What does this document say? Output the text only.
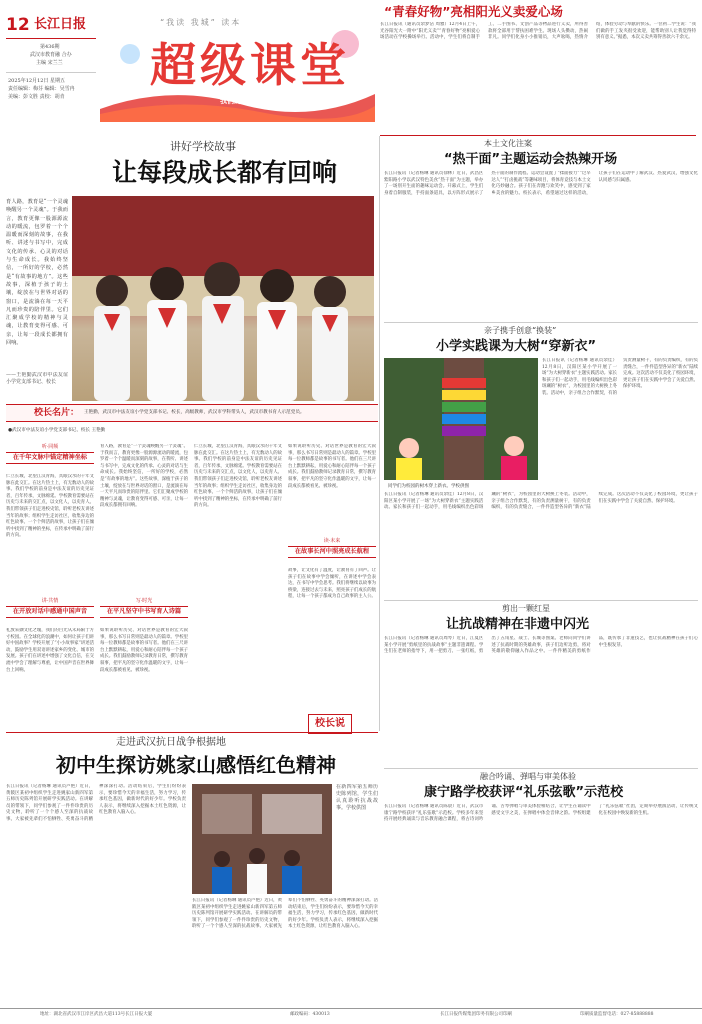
12 长江日报
第436期
武汉市教育融 合办
主编 宋兰兰
2025年12月12日 星期五
责任编辑：梅芬 编辑：吴雪冉
美编：彭文胜 责校：胡肯
“我读 我城” 读本
超级课堂
我们的城市 / 我们的课堂
“青春好物”亮相阳光义卖爱心场
长江日报讯（通讯员余梦洁 周雅）12月4日上午，光谷阳光大一附中“阳光义卖”“青春好物”亮相爱心场活动在学校操场举行。活动中，学生们将自制手工、二手图书、文创产品等物品进行义卖，所得善款将全部用于帮扶困难学生。现场人头攒动，热闹非凡。同学们化身小小推销员，大声吆喝，热情介绍，体验劳动与奉献的快乐。一位初二学生说：“我们做的手工发夹很受欢迎，能帮助别人让我觉得特别有意义。”据悉，本次义卖共筹得善款六千余元。
讲好学校故事
让每段成长都有回响
育人路，教育是“一个灵魂唤醒另一个灵魂”。于我而言，教育更像一股源源流动的暖流，包罗着一个个温暖而深刻的故事，在我听、讲述与书写中，完成文化的传承、心灵的对话与生命成长。我始终坚信，一所好的学校，必然是“有故事的地方”。这些故事，深植于孩子的土壤，绽放在与世界对话的窗口，是流淌在每一天平凡而珍贵的陪伴里。它们汇聚成学校的精神与灵魂，让教育变得可感、可亲，让每一段成长都拥有回响。
——王艳勤武汉市中法友谊小学党支部书记、校长
校长名片： 王艳勤，武汉市中法友谊小学党支部书记、校长，高级教师，武汉市学科带头人，武汉市教书育人示范党员。
●武汉市中法友谊小学党支部书记、校长 王艳勤
听·同频
在千年文脉中锚定精神坐标
仁立长城，北望江汉青海，具眼汉水的千年文脉在此交汇。在这片热土上，有无数动人的故事。我们学校的前身是中法友谊的历史见证者，百年传承，文脉绵延。学校教育需要站在历史与未来的交汇点，以文化人，以史育人。我们带领孩子们走进校史馆，聆听老校友讲述当年的故事；组织学生走访社区，收集身边的红色故事。一个个鲜活的故事，让孩子们在倾听中找到了精神的坐标，在传承中明确了前行的方向。
讲·共情
在开放对话中感通中国声音
礼放采撷文化之瑰，我们的目光从未局限于方寸校园。在全球化的浪潮中，如何让孩子们讲好中国故事？学校开展了“小小故事家”讲述活动，鼓励学生用双语讲述家乡的变化、城市的发展。孩子们在讲述中增强了文化自信，在交流中学会了理解与尊重，让中国声音在世界舞台上回响。
育人路，教育是“一个灵魂唤醒另一个灵魂”。于我而言，教育更像一股源源流动的暖流，包罗着一个个温暖而深刻的故事，在我听、讲述与书写中，完成文化的传承、心灵的对话与生命成长。我始终坚信，一所好的学校，必然是“有故事的地方”。这些故事，深植于孩子的土壤，绽放在与世界对话的窗口，是流淌在每一天平凡而珍贵的陪伴里。它们汇聚成学校的精神与灵魂，让教育变得可感、可亲，让每一段成长都拥有回响。
写·时光
在平凡坚守中书写育人诗篇
如果说聆听历史、对话世界是教育的宏大叙事，那么书写日常则是最动人的篇章。学校里每一位教师都是故事的书写者。他们在三尺讲台上默默耕耘，用爱心和耐心陪伴每一个孩子成长。我们鼓励教师记录教育日常，撰写教育叙事，把平凡的坚守化作温暖的文字，让每一段成长都被看见、被珍视。
仁立长城，北望江汉青海，具眼汉水的千年文脉在此交汇。在这片热土上，有无数动人的故事。我们学校的前身是中法友谊的历史见证者，百年传承，文脉绵延。学校教育需要站在历史与未来的交汇点，以文化人，以史育人。我们带领孩子们走进校史馆，聆听老校友讲述当年的故事；组织学生走访社区，收集身边的红色故事。一个个鲜活的故事，让孩子们在倾听中找到了精神的坐标，在传承中明确了前行的方向。
如果说聆听历史、对话世界是教育的宏大叙事，那么书写日常则是最动人的篇章。学校里每一位教师都是故事的书写者。他们在三尺讲台上默默耕耘，用爱心和耐心陪伴每一个孩子成长。我们鼓励教师记录教育日常，撰写教育叙事，把平凡的坚守化作温暖的文字，让每一段成长都被看见、被珍视。
读·未来
在故事长河中照亮成长航程
故事，让文化有了温度，让教育有了回声。让孩子们在故事中学会倾听，在讲述中学会表达，在书写中学会思考。我们将继续以故事为桥梁，连接过去与未来，照亮孩子们成长的航程，让每一个孩子都成为自己故事的主人公。
校长说
本土文化注案
“热干面”主题运动会热辣开场
长江日报讯（记者杨琳 通讯员徐林）近日，武昌区紫阳路小学以武汉特色美食“热干面”为主题，举办了一场别开生面的趣味运动会。开幕式上，学生们身着自制服装，手持面条道具，以方阵形式展示了热干面的制作流程。运动会设置了“揉面接力”“过早达人”“打卤挑战”等趣味项目，将体育竞技与本土文化巧妙融合。孩子们在奔跑与欢笑中，感受到了家乡美食的魅力。校长表示，希望通过这样的活动，让孩子们在运动中了解武汉、热爱武汉，增强文化认同感与归属感。
亲子携手创意“换装”
小学实践课为大树“穿新衣”
同学们为校园的树木穿上新衣。学校供图
长江日报讯（记者杨琳 通讯员余佳）12月8日，汉阳区某小学开展了一场“为大树穿新衣”主题实践活动。家长和孩子们一起动手，用毛线编织出色彩斑斓的“树衣”，为校园里的大树换上冬装。活动中，亲子组合合作默契，有的负责测量树干，有的负责编织，有的负责缝合，一件件造型各异的“新衣”陆续完成。这次活动不仅美化了校园环境，更让孩子们在实践中学会了关爱自然、保护环境。
长江日报讯（记者杨琳 通讯员余佳）12月8日，汉阳区某小学开展了一场“为大树穿新衣”主题实践活动。家长和孩子们一起动手，用毛线编织出色彩斑斓的“树衣”，为校园里的大树换上冬装。活动中，亲子组合合作默契，有的负责测量树干，有的负责编织，有的负责缝合，一件件造型各异的“新衣”陆续完成。这次活动不仅美化了校园环境，更让孩子们在实践中学会了关爱自然、保护环境。
剪出一颗红星
让抗战精神在非遗中闪光
长江日报讯（记者杨琳 通讯员周琴）近日，江夏区某小学开展“剪纸里的抗战故事”主题非遗课程。学生们在老师的指导下，用一把剪刀、一张红纸，剪出了五角星、战士、长城等图案。老师向同学们讲述了抗战时期的英雄故事，孩子们边听边剪，将对英雄的敬仰融入作品之中。一件件精美的剪纸作品，既传承了非遗技艺，也让抗战精神在孩子们心中生根发芽。
融合吟诵、弹唱与审美体验
康宁路学校获评“礼乐弦歌”示范校
长江日报讯（记者杨琳 通讯员陈晨）近日，武汉市康宁路学校获评“礼乐弦歌”示范校。学校多年来坚持开展经典诵读与音乐教育融合课程，将古诗词吟诵、古琴弹唱与审美体验相结合，让学生在诵读中感受文字之美，在弹唱中体会音律之韵。学校组建了“礼乐弦歌”社团，定期举办展演活动，让传统文化在校园中焕发新的生机。
走进武汉抗日战争根据地
初中生探访姚家山感悟红色精神
长江日报讯（记者杨琳 通讯员卢艳）近日，黄陂区某初中组织学生走进姚家山新四军第五师历史陈列馆开展研学实践活动。在讲解员的带领下，同学们参观了一件件珍贵的历史文物，聆听了一个个感人至深的抗战故事。大家被先辈们不怕牺牲、英勇奋斗的精神深深打动。活动结束后，学生们纷纷表示，要珍惜今天的幸福生活，努力学习，传承红色基因，做新时代的好少年。学校负责人表示，将继续深入挖掘本土红色资源，让红色教育入脑入心。
在新四军第五师历史陈列馆，学生们认真聆听抗战故事。学校供图
长江日报讯（记者杨琳 通讯员卢艳）近日，黄陂区某初中组织学生走进姚家山新四军第五师历史陈列馆开展研学实践活动。在讲解员的带领下，同学们参观了一件件珍贵的历史文物，聆听了一个个感人至深的抗战故事。大家被先辈们不怕牺牲、英勇奋斗的精神深深打动。活动结束后，学生们纷纷表示，要珍惜今天的幸福生活，努力学习，传承红色基因，做新时代的好少年。学校负责人表示，将继续深入挖掘本土红色资源，让红色教育入脑入心。
地址：湖北省武汉市江岸区武昌大道113号长江日报大厦	邮政编码：430013	长江日报传媒集团印务有限公司印刷	印刷质量监督电话：027-85888888
